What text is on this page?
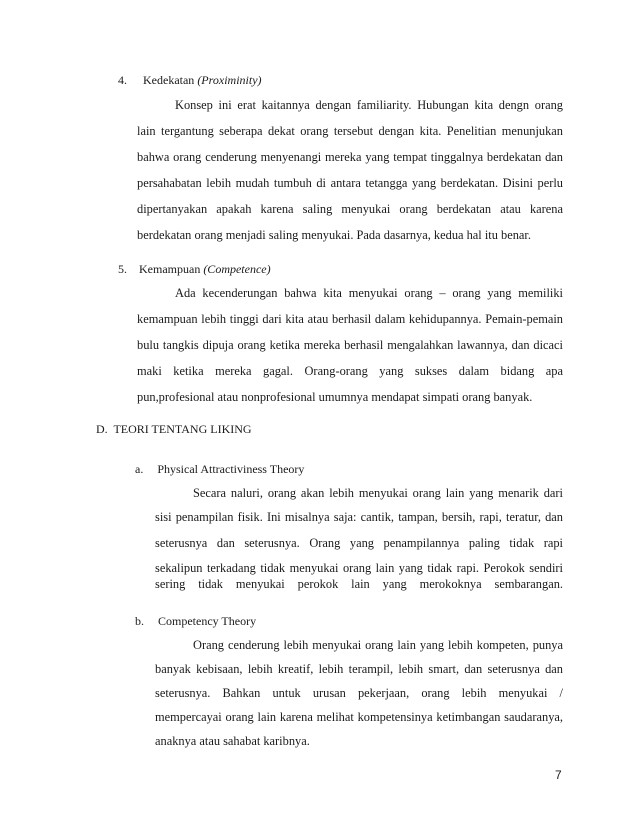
4. Kedekatan (Proximinity)
Konsep ini erat kaitannya dengan familiarity. Hubungan kita dengn orang
lain tergantung seberapa dekat orang tersebut dengan kita. Penelitian menunjukan
bahwa orang cenderung menyenangi mereka yang tempat tinggalnya berdekatan dan
persahabatan lebih mudah tumbuh di antara tetangga yang berdekatan. Disini perlu
dipertanyakan apakah karena saling menyukai orang berdekatan atau karena
berdekatan orang menjadi saling menyukai. Pada dasarnya, kedua hal itu benar.
5. Kemampuan (Competence)
Ada kecenderungan bahwa kita menyukai orang – orang yang memiliki
kemampuan lebih tinggi dari kita atau berhasil dalam kehidupannya. Pemain-pemain
bulu tangkis dipuja orang ketika mereka berhasil mengalahkan lawannya, dan dicaci
maki ketika mereka gagal. Orang-orang yang sukses dalam bidang apa
pun,profesional atau nonprofesional umumnya mendapat simpati orang banyak.
D.  TEORI TENTANG LIKING
a. Physical Attractiviness Theory
Secara naluri, orang akan lebih menyukai orang lain yang menarik dari
sisi penampilan fisik. Ini misalnya saja: cantik, tampan, bersih, rapi, teratur, dan
seterusnya dan seterusnya. Orang yang penampilannya paling tidak rapi
sekalipun terkadang tidak menyukai orang lain yang tidak rapi. Perokok sendiri
sering tidak menyukai perokok lain yang merokoknya sembarangan.
b. Competency Theory
Orang cenderung lebih menyukai orang lain yang lebih kompeten, punya
banyak kebisaan, lebih kreatif, lebih terampil, lebih smart, dan seterusnya dan
seterusnya. Bahkan untuk urusan pekerjaan, orang lebih menyukai /
mempercayai orang lain karena melihat kompetensinya ketimbangan saudaranya,
anaknya atau sahabat karibnya.
7
